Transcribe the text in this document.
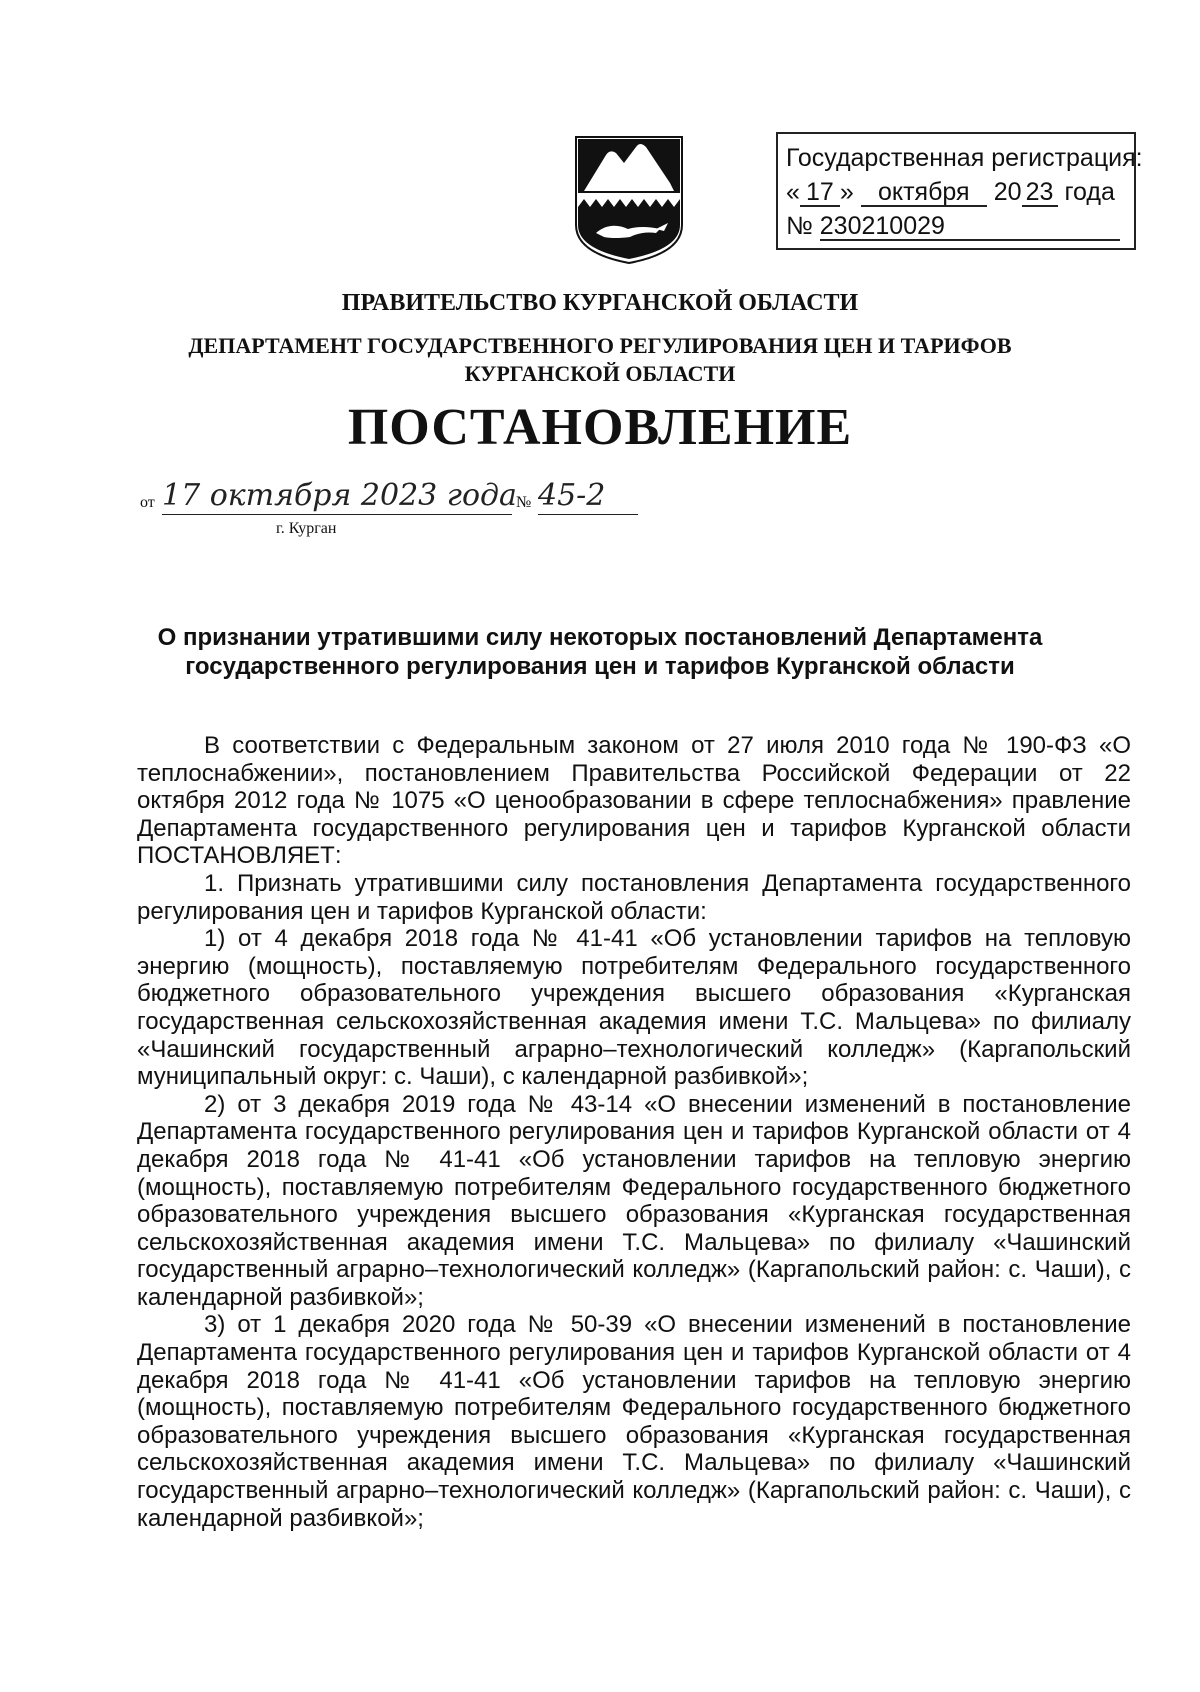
Государственная регистрация:
« 17 » октября 20 23 года
№ 230210029
ПРАВИТЕЛЬСТВО КУРГАНСКОЙ ОБЛАСТИ
ДЕПАРТАМЕНТ ГОСУДАРСТВЕННОГО РЕГУЛИРОВАНИЯ ЦЕН И ТАРИФОВ
КУРГАНСКОЙ ОБЛАСТИ
ПОСТАНОВЛЕНИЕ
от 17 октября 2023 года № 45-2
г. Курган
О признании утратившими силу некоторых постановлений Департамента государственного регулирования цен и тарифов Курганской области

В соответствии с Федеральным законом от 27 июля 2010 года № 190-ФЗ «О теплоснабжении», постановлением Правительства Российской Федерации от 22 октября 2012 года № 1075 «О ценообразовании в сфере теплоснабжения» правление Департамента государственного регулирования цен и тарифов Курганской области ПОСТАНОВЛЯЕТ:

1. Признать утратившими силу постановления Департамента государственного регулирования цен и тарифов Курганской области:

1) от 4 декабря 2018 года № 41-41 «Об установлении тарифов на тепловую энергию (мощность), поставляемую потребителям Федерального государственного бюджетного образовательного учреждения высшего образования «Курганская государственная сельскохозяйственная академия имени Т.С. Мальцева» по филиалу «Чашинский государственный аграрно–технологический колледж» (Каргапольский муниципальный округ: с. Чаши), с календарной разбивкой»;

2) от 3 декабря 2019 года № 43-14 «О внесении изменений в постановление Департамента государственного регулирования цен и тарифов Курганской области от 4 декабря 2018 года № 41-41 «Об установлении тарифов на тепловую энергию (мощность), поставляемую потребителям Федерального государственного бюджетного образовательного учреждения высшего образования «Курганская государственная сельскохозяйственная академия имени Т.С. Мальцева» по филиалу «Чашинский государственный аграрно–технологический колледж» (Каргапольский район: с. Чаши), с календарной разбивкой»;

3) от 1 декабря 2020 года № 50-39 «О внесении изменений в постановление Департамента государственного регулирования цен и тарифов Курганской области от 4 декабря 2018 года № 41-41 «Об установлении тарифов на тепловую энергию (мощность), поставляемую потребителям Федерального государственного бюджетного образовательного учреждения высшего образования «Курганская государственная сельскохозяйственная академия имени Т.С. Мальцева» по филиалу «Чашинский государственный аграрно–технологический колледж» (Каргапольский район: с. Чаши), с календарной разбивкой»;
